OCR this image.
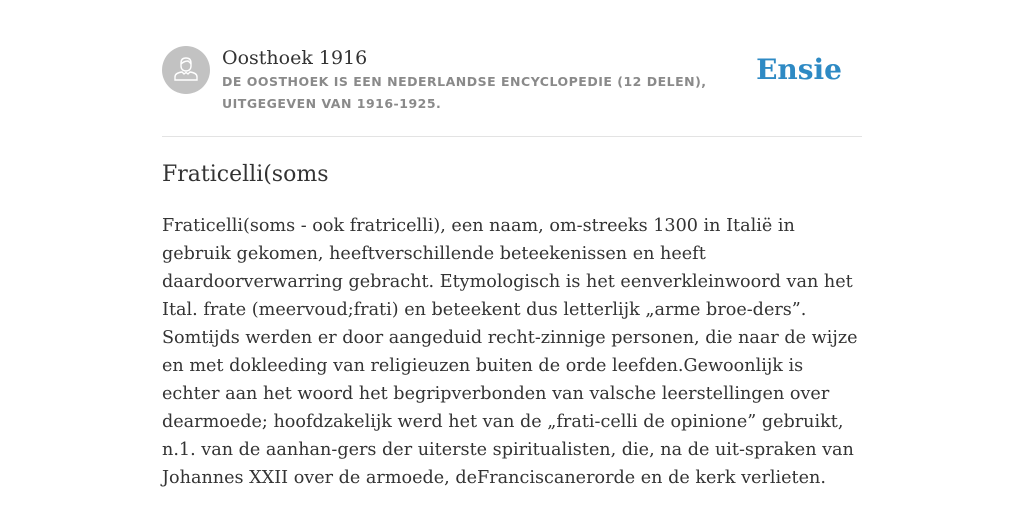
Oosthoek 1916
DE OOSTHOEK IS EEN NEDERLANDSE ENCYCLOPEDIE (12 DELEN), UITGEGEVEN VAN 1916-1925.
Ensie
Fraticelli(soms

Fraticelli(soms - ook fratricelli), een naam, om-streeks 1300 in Italië in gebruik gekomen, heeftverschillende beteekenissen en heeft daardoorverwarring gebracht. Etymologisch is het eenverkleinwoord van het Ital. frate (meervoud;frati) en beteekent dus letterlijk „arme broe-ders”. Somtijds werden er door aangeduid recht-zinnige personen, die naar de wijze en met dokleeding van religieuzen buiten de orde leefden.Gewoonlijk is echter aan het woord het begripverbonden van valsche leerstellingen over dearmoede; hoofdzakelijk werd het van de „frati-celli de opinione” gebruikt, n.1. van de aanhan-gers der uiterste spiritualisten, die, na de uit-spraken van Johannes XXII over de armoede, deFranciscanerorde en de kerk verlieten.
